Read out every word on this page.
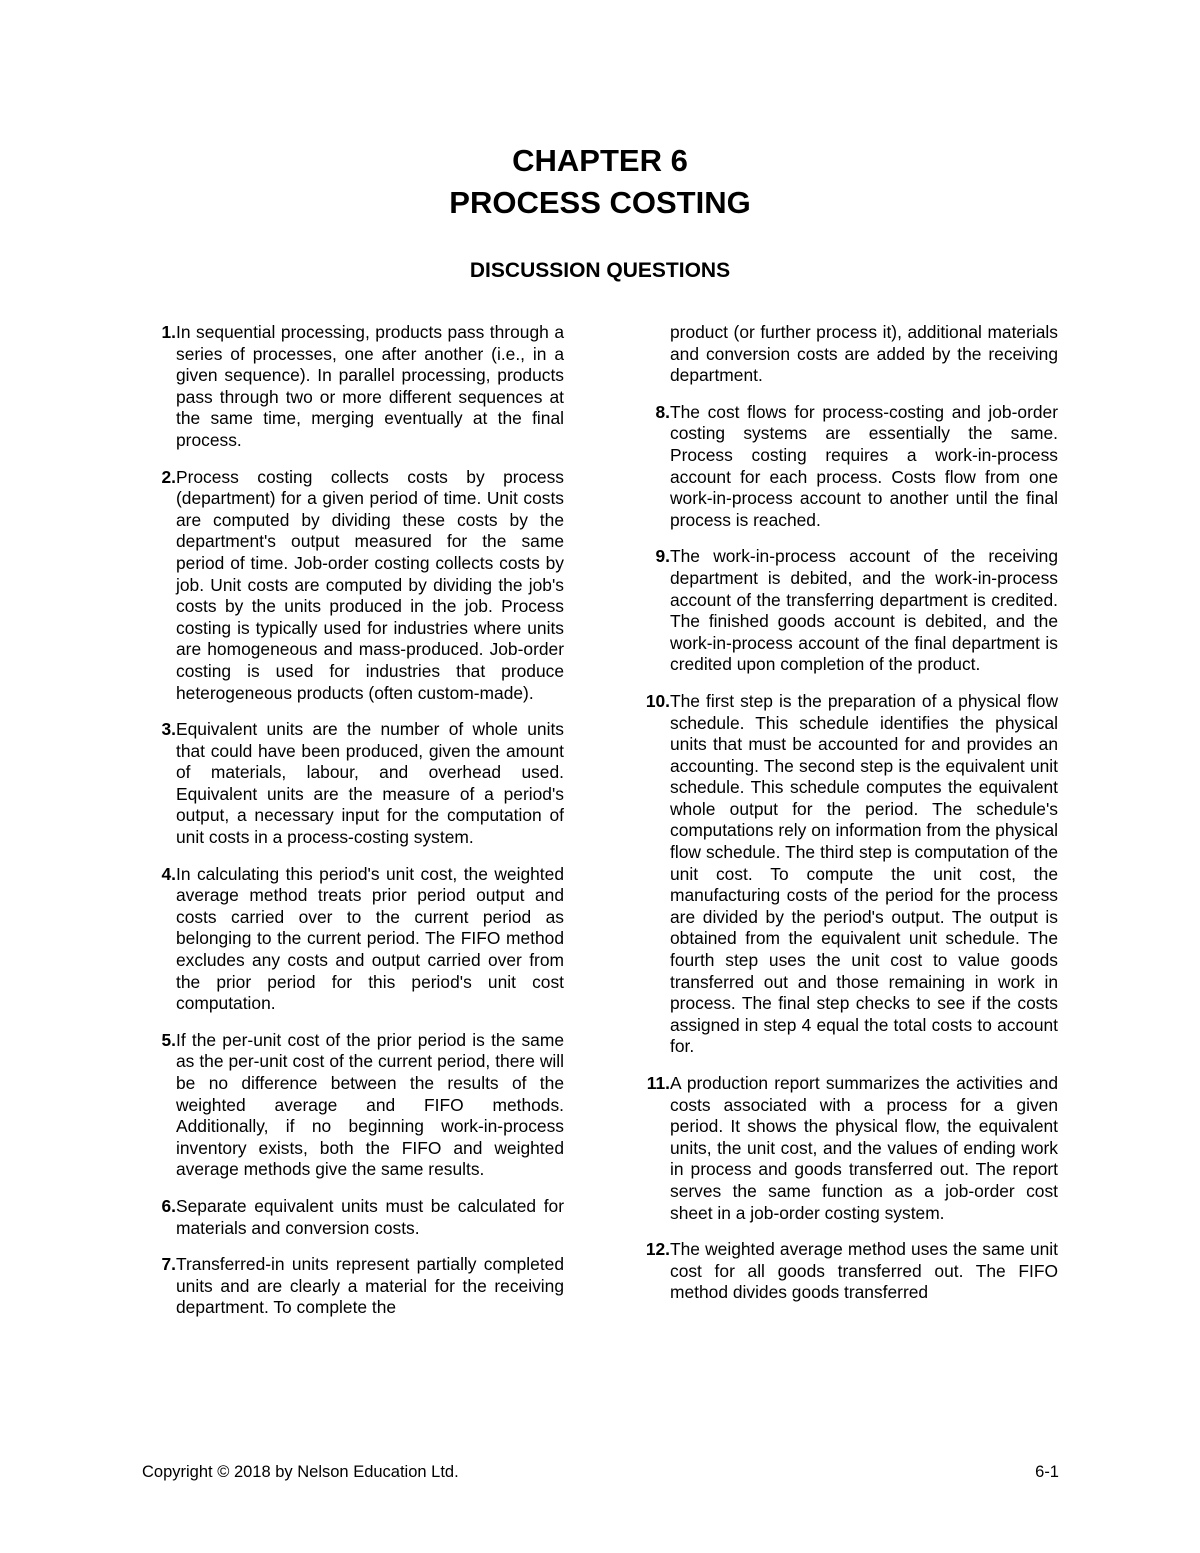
CHAPTER 6
PROCESS COSTING
DISCUSSION QUESTIONS
1. In sequential processing, products pass through a series of processes, one after another (i.e., in a given sequence). In parallel processing, products pass through two or more different sequences at the same time, merging eventually at the final process.
2. Process costing collects costs by process (department) for a given period of time. Unit costs are computed by dividing these costs by the department's output measured for the same period of time. Job-order costing collects costs by job. Unit costs are computed by dividing the job's costs by the units produced in the job. Process costing is typically used for industries where units are homogeneous and mass-produced. Job-order costing is used for industries that produce heterogeneous products (often custom-made).
3. Equivalent units are the number of whole units that could have been produced, given the amount of materials, labour, and overhead used. Equivalent units are the measure of a period's output, a necessary input for the computation of unit costs in a process-costing system.
4. In calculating this period's unit cost, the weighted average method treats prior period output and costs carried over to the current period as belonging to the current period. The FIFO method excludes any costs and output carried over from the prior period for this period's unit cost computation.
5. If the per-unit cost of the prior period is the same as the per-unit cost of the current period, there will be no difference between the results of the weighted average and FIFO methods. Additionally, if no beginning work-in-process inventory exists, both the FIFO and weighted average methods give the same results.
6. Separate equivalent units must be calculated for materials and conversion costs.
7. Transferred-in units represent partially completed units and are clearly a material for the receiving department. To complete the
product (or further process it), additional materials and conversion costs are added by the receiving department.
8. The cost flows for process-costing and job-order costing systems are essentially the same. Process costing requires a work-in-process account for each process. Costs flow from one work-in-process account to another until the final process is reached.
9. The work-in-process account of the receiving department is debited, and the work-in-process account of the transferring department is credited. The finished goods account is debited, and the work-in-process account of the final department is credited upon completion of the product.
10. The first step is the preparation of a physical flow schedule. This schedule identifies the physical units that must be accounted for and provides an accounting. The second step is the equivalent unit schedule. This schedule computes the equivalent whole output for the period. The schedule's computations rely on information from the physical flow schedule. The third step is computation of the unit cost. To compute the unit cost, the manufacturing costs of the period for the process are divided by the period's output. The output is obtained from the equivalent unit schedule. The fourth step uses the unit cost to value goods transferred out and those remaining in work in process. The final step checks to see if the costs assigned in step 4 equal the total costs to account for.
11. A production report summarizes the activities and costs associated with a process for a given period. It shows the physical flow, the equivalent units, the unit cost, and the values of ending work in process and goods transferred out. The report serves the same function as a job-order cost sheet in a job-order costing system.
12. The weighted average method uses the same unit cost for all goods transferred out. The FIFO method divides goods transferred
Copyright © 2018 by Nelson Education Ltd.	6-1
